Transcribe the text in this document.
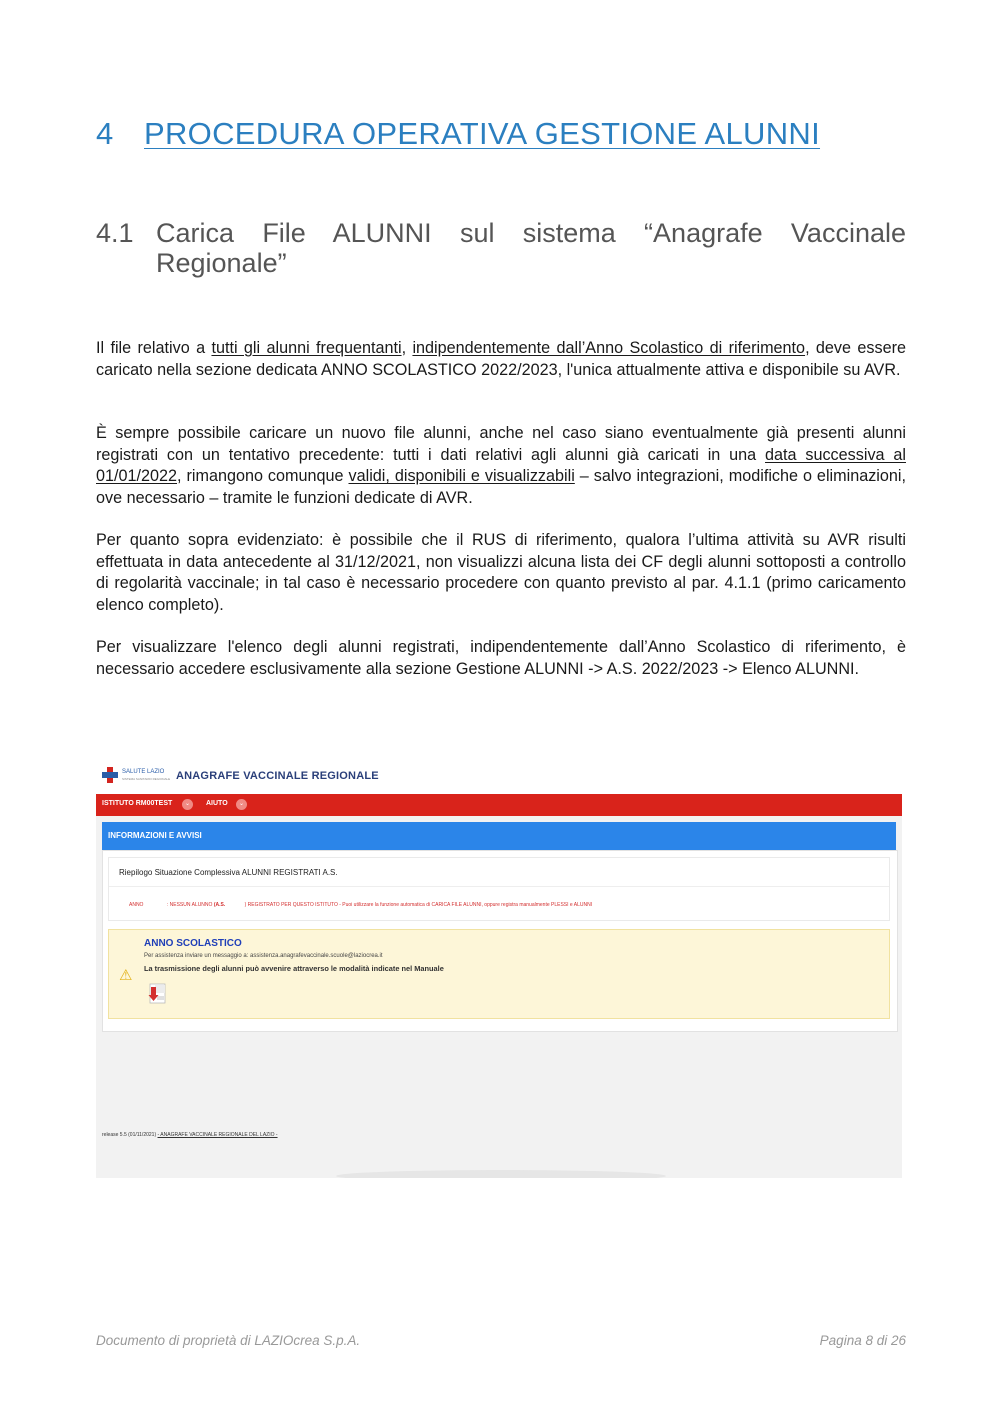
4 PROCEDURA OPERATIVA GESTIONE ALUNNI
4.1 Carica File ALUNNI sul sistema “Anagrafe Vaccinale Regionale”

Il file relativo a tutti gli alunni frequentanti, indipendentemente dall’Anno Scolastico di riferimento, deve essere caricato nella sezione dedicata ANNO SCOLASTICO 2022/2023, l'unica attualmente attiva e disponibile su AVR.

È sempre possibile caricare un nuovo file alunni, anche nel caso siano eventualmente già presenti alunni registrati con un tentativo precedente: tutti i dati relativi agli alunni già caricati in una data successiva al 01/01/2022, rimangono comunque validi, disponibili e visualizzabili – salvo integrazioni, modifiche o eliminazioni, ove necessario – tramite le funzioni dedicate di AVR.

Per quanto sopra evidenziato: è possibile che il RUS di riferimento, qualora l’ultima attività su AVR risulti effettuata in data antecedente al 31/12/2021, non visualizzi alcuna lista dei CF degli alunni sottoposti a controllo di regolarità vaccinale; in tal caso è necessario procedere con quanto previsto al par. 4.1.1 (primo caricamento elenco completo).

Per visualizzare l'elenco degli alunni registrati, indipendentemente dall’Anno Scolastico di riferimento, è necessario accedere esclusivamente alla sezione Gestione ALUNNI -> A.S. 2022/2023 -> Elenco ALUNNI.

SALUTE LAZIO
SISTEMA SANITARIO REGIONALE ANAGRAFE VACCINALE REGIONALE
ISTITUTO RM00TEST	⌄	AIUTO	⌄
INFORMAZIONI E AVVISI
Riepilogo Situazione Complessiva ALUNNI REGISTRATI A.S.
ANNO	: NESSUN ALUNNO (A.S.	) REGISTRATO PER QUESTO ISTITUTO - Puoi utilizzare la funzione automatica di CARICA FILE ALUNNI, oppure registra manualmente PLESSI e ALUNNI
⚠
ANNO SCOLASTICO
Per assistenza inviare un messaggio a: assistenza.anagrafevaccinale.scuole@laziocrea.it
La trasmissione degli alunni può avvenire attraverso le modalità indicate nel Manuale
release 5.5 (01/11/2021) - ANAGRAFE VACCINALE REGIONALE DEL LAZIO -
Documento di proprietà di LAZIOcrea S.p.A.	Pagina 8 di 26
